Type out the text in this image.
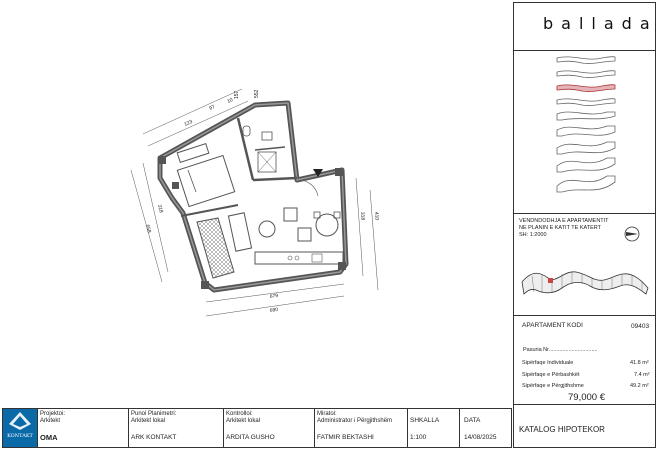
123
97
10
157	552
318
658
318 410
679
690
ballada
VENDNDODHJA E APARTAMENTIT
NE PLANIN E KATIT TE KATERT
SH: 1:2000
APARTAMENT KODI	09403
Pasuria Nr................................
Sipërfaqe Individuale	41.8 m²
Sipërfaqe e Përbashkët	7.4 m²
Sipërfaqe e Përgjithshme	49.2 m²
79,000 €
KATALOG HIPOTEKOR
KONTAKT
Projektoi:
Arkitekt
OMA
Punoi Planimetri:
Arkitekt lokal
ARK KONTAKT
Kontrolloi:
Arkitekt lokal
ARDITA GUSHO
Miratoi:
Administrator i Përgjithshëm
FATMIR BEKTASHI
SHKALLA
1:100
DATA
14/08/2025
